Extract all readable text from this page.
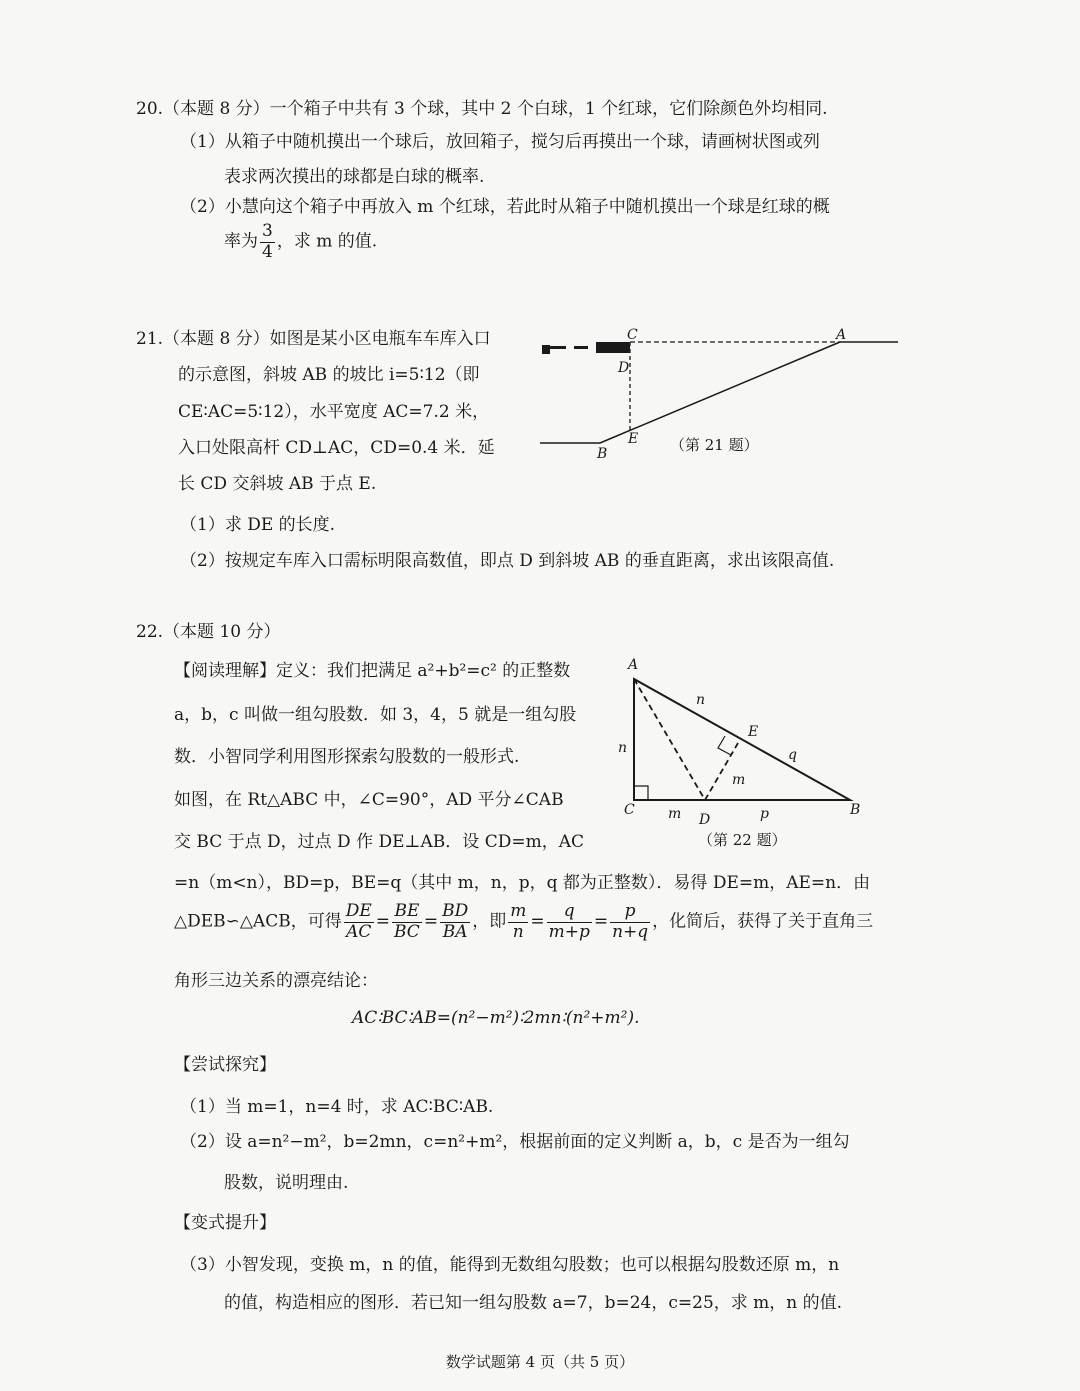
20.（本题 8 分）一个箱子中共有 3 个球，其中 2 个白球，1 个红球，它们除颜色外均相同.
（1）从箱子中随机摸出一个球后，放回箱子，搅匀后再摸出一个球，请画树状图或列
表求两次摸出的球都是白球的概率.
（2）小慧向这个箱子中再放入 m 个红球，若此时从箱子中随机摸出一个球是红球的概
率为 $\frac{3}{4}$ ，求 m 的值.
21.（本题 8 分）如图是某小区电瓶车车库入口
的示意图，斜坡 AB 的坡比 i=5∶12（即
CE∶AC=5∶12），水平宽度 AC=7.2 米，
入口处限高杆 CD⊥AC，CD=0.4 米．延
长 CD 交斜坡 AB 于点 E.
（1）求 DE 的长度.
（2）按规定车库入口需标明限高数值，即点 D 到斜坡 AB 的垂直距离，求出该限高值.
C	A
D
E
B	（第 21 题）
22.（本题 10 分）
【阅读理解】定义：我们把满足 a²+b²=c² 的正整数
a，b，c 叫做一组勾股数．如 3，4，5 就是一组勾股
数．小智同学利用图形探索勾股数的一般形式.
如图，在 Rt△ABC 中，∠C=90°，AD 平分∠CAB
交 BC 于点 D，过点 D 作 DE⊥AB．设 CD=m，AC
=n（m<n），BD=p，BE=q（其中 m，n，p，q 都为正整数）．易得 DE=m，AE=n．由
△DEB∽△ACB，可得 $\frac{DE}{AC} = \frac{BE}{BC} = \frac{BD}{BA}$ ，即 $\frac{m}{n} = \frac{q}{m+p} = \frac{p}{n+q}$ ，化简后，获得了关于直角三
角形三边关系的漂亮结论：
AC∶BC∶AB=(n²−m²)∶2mn∶(n²+m²).
【尝试探究】
（1）当 m=1，n=4 时，求 AC∶BC∶AB.
（2）设 a=n²−m²，b=2mn，c=n²+m²，根据前面的定义判断 a，b，c 是否为一组勾
股数，说明理由.
【变式提升】
（3）小智发现，变换 m，n 的值，能得到无数组勾股数；也可以根据勾股数还原 m，n
的值，构造相应的图形．若已知一组勾股数 a=7，b=24，c=25，求 m，n 的值.
A
C	B
D
E
n
n
m
m
p
q
（第 22 题）
数学试题第 4 页（共 5 页）
